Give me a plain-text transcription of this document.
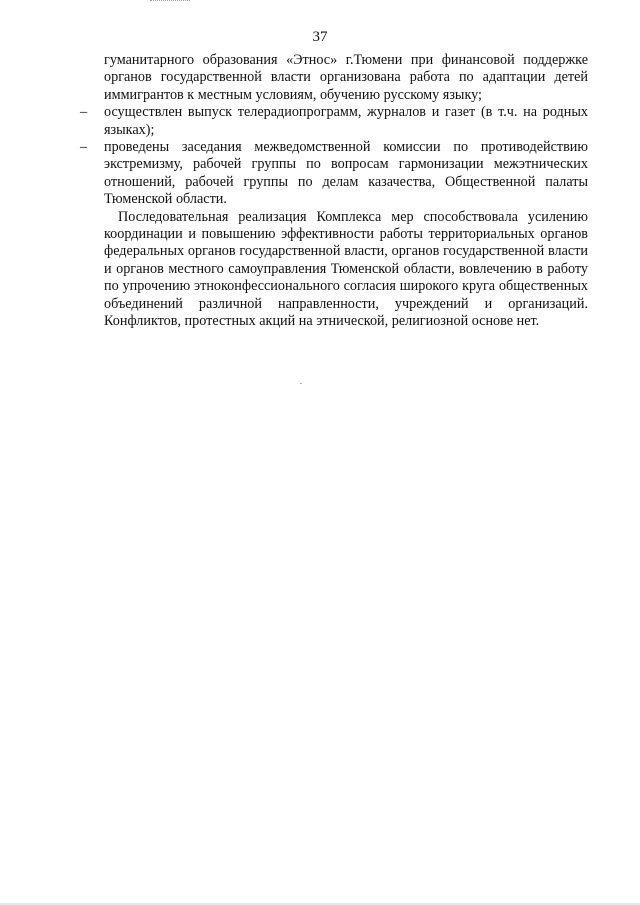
37

гуманитарного образования «Этнос» г.Тюмени при финансовой поддержке органов государственной власти организована работа по адаптации детей иммигрантов к местным условиям, обучению русскому языку;

–	осуществлен выпуск телерадиопрограмм, журналов и газет (в т.ч. на родных языках);

–	проведены заседания межведомственной комиссии по противодействию экстремизму, рабочей группы по вопросам гармонизации межэтнических отношений, рабочей группы по делам казачества, Общественной палаты Тюменской области.

Последовательная реализация Комплекса мер способствовала усилению координации и повышению эффективности работы территориальных органов федеральных органов государственной власти, органов государственной власти и органов местного самоуправления Тюменской области, вовлечению в работу по упрочению этноконфессионального согласия широкого круга общественных объединений различной направленности, учреждений и организаций. Конфликтов, протестных акций на этнической, религиозной основе нет.
